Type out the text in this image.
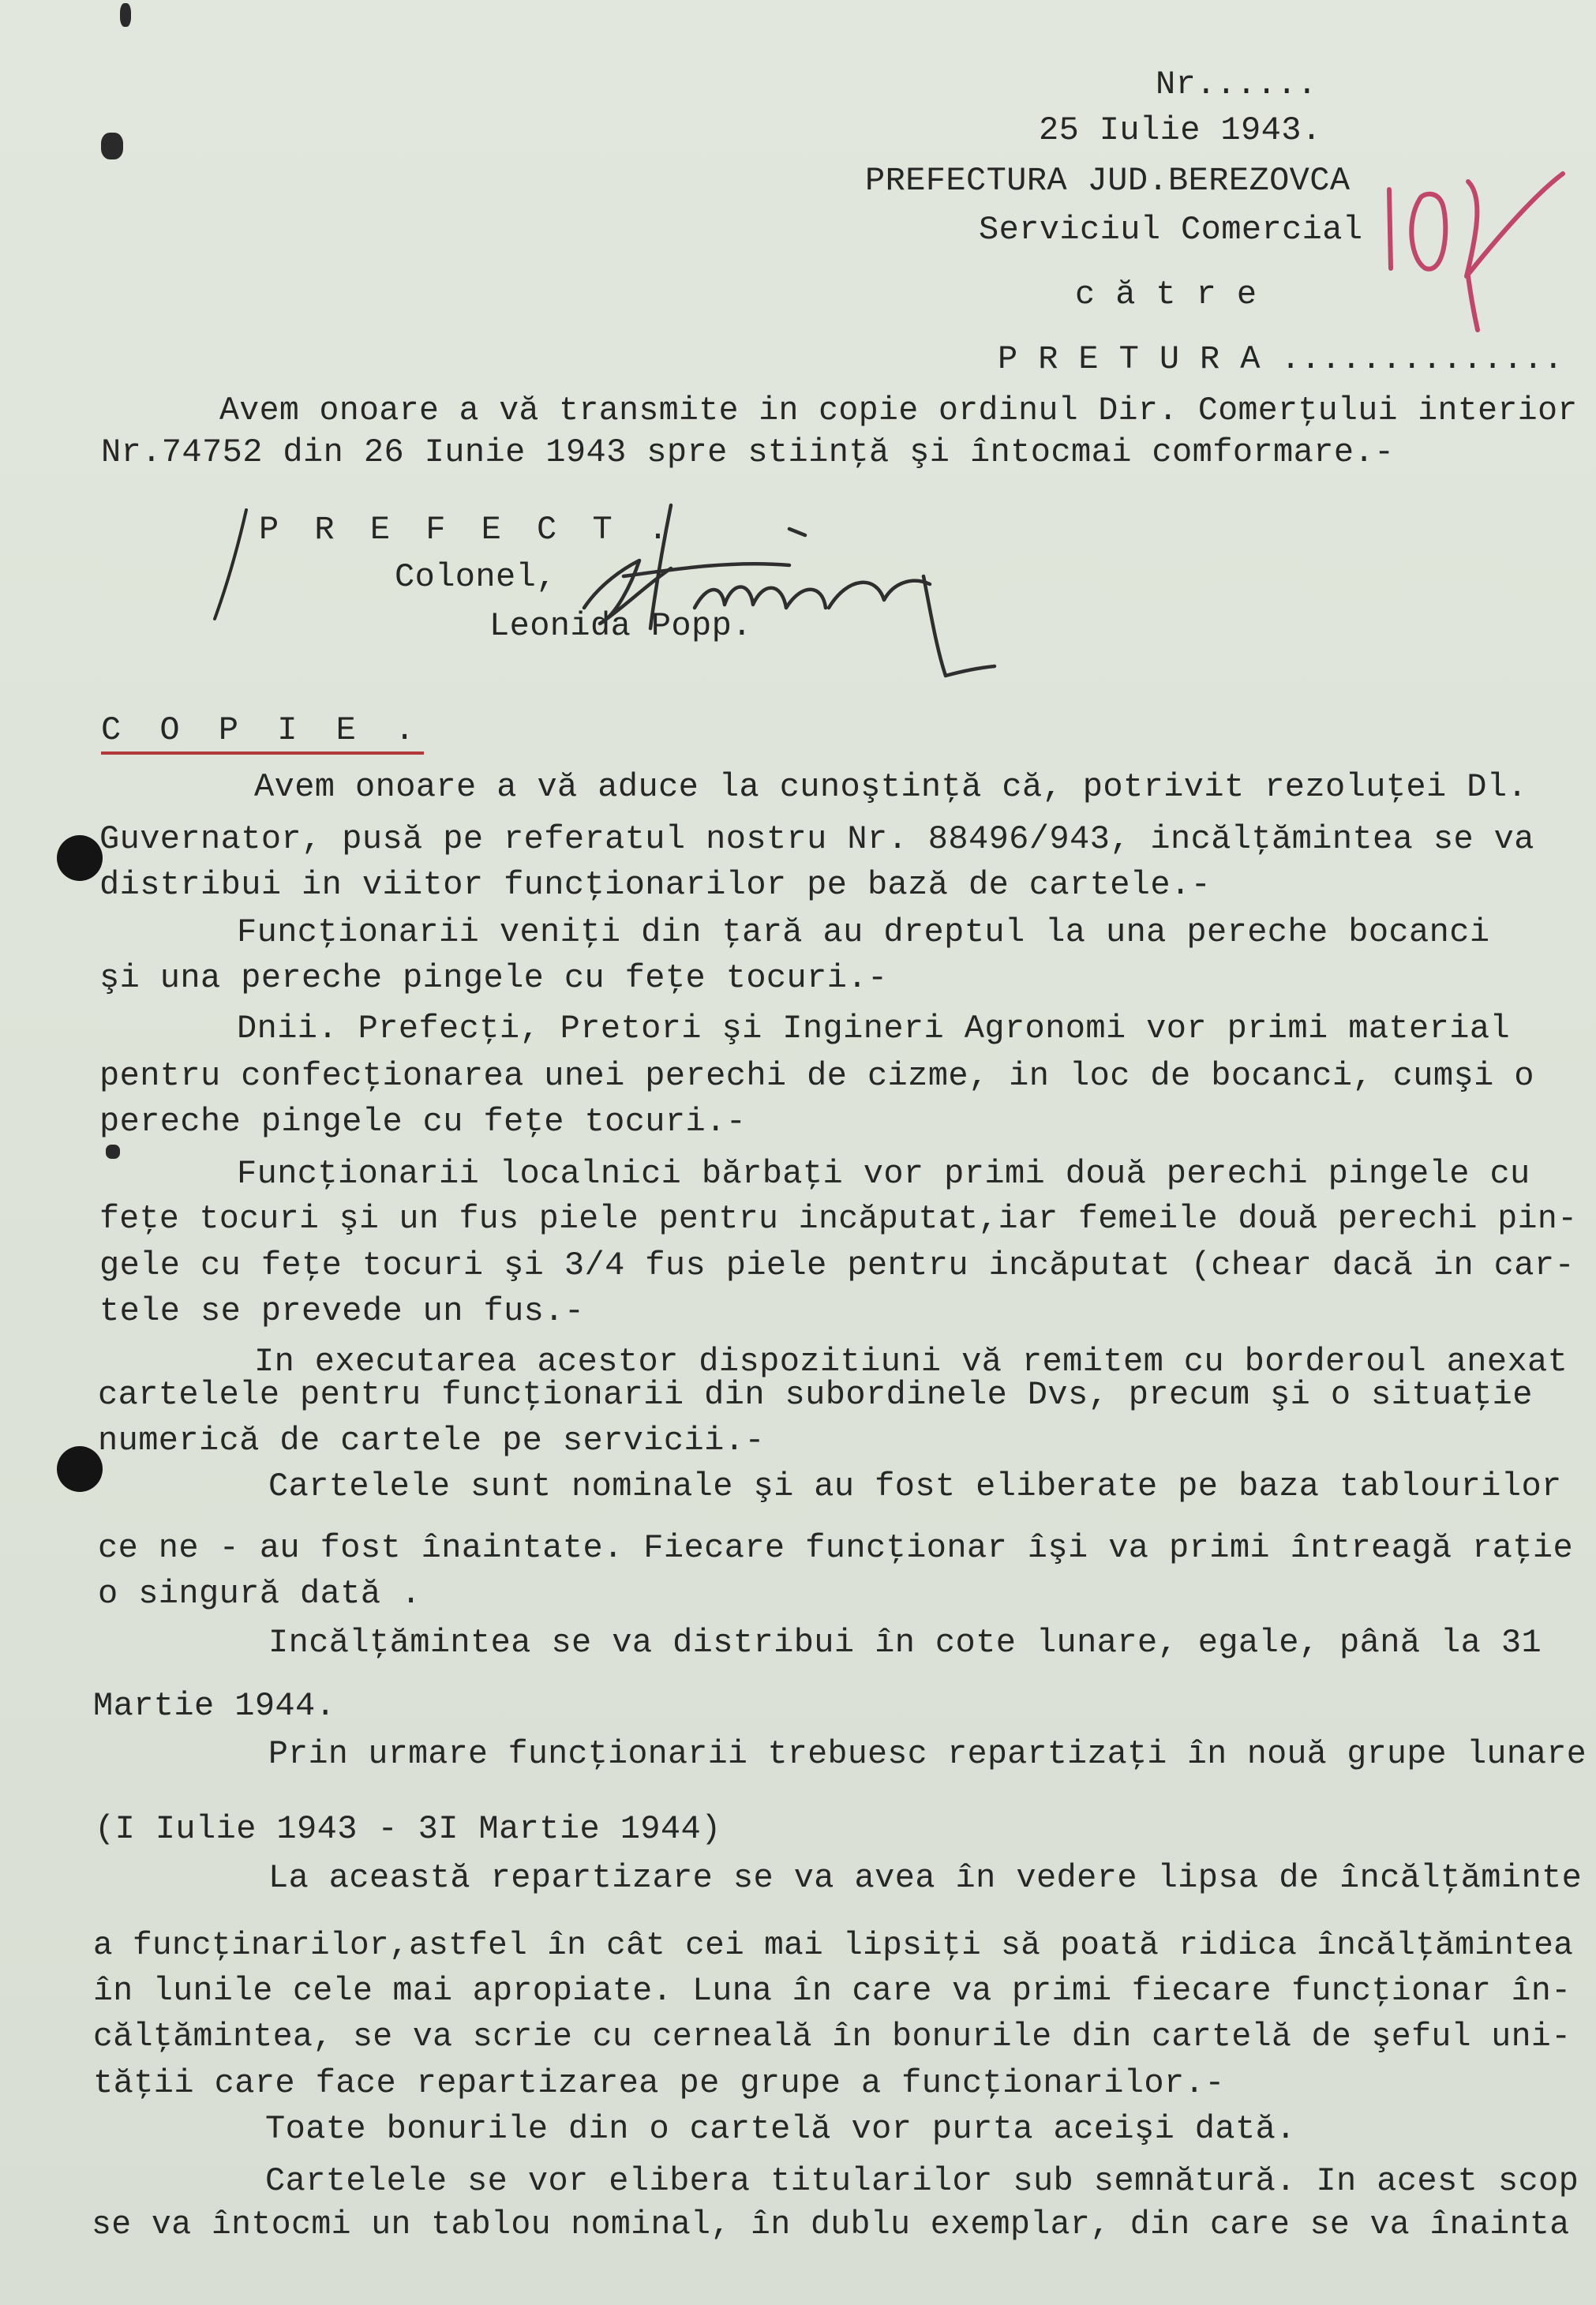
Nr......
25 Iulie 1943.
PREFECTURA JUD.BEREZOVCA
Serviciul Comercial
c ă t r e
P R E T U R A ..............
Avem onoare a vă transmite in copie ordinul Dir. Comerţului interior
Nr.74752 din 26 Iunie 1943 spre stiinţă şi întocmai comformare.-
P R E F E C T .
Colonel,
Leonida Popp.
C O P I E .
Avem onoare a vă aduce la cunoştinţă că, potrivit rezoluţei Dl.
Guvernator, pusă pe referatul nostru Nr. 88496/943, incălţămintea se va
distribui in viitor funcţionarilor pe bază de cartele.-
Funcţionarii veniţi din ţară au dreptul la una pereche bocanci
şi una pereche pingele cu feţe tocuri.-
Dnii. Prefecţi, Pretori şi Ingineri Agronomi vor primi material
pentru confecţionarea unei perechi de cizme, in loc de bocanci, cumşi o
pereche pingele cu feţe tocuri.-
Funcţionarii localnici bărbaţi vor primi două perechi pingele cu
feţe tocuri şi un fus piele pentru incăputat,iar femeile două perechi pin-
gele cu feţe tocuri şi 3/4 fus piele pentru incăputat (chear dacă in car-
tele se prevede un fus.-
In executarea acestor dispozitiuni vă remitem cu borderoul anexat
cartelele pentru funcţionarii din subordinele Dvs, precum şi o situaţie
numerică de cartele pe servicii.-
Cartelele sunt nominale şi au fost eliberate pe baza tablourilor
ce ne - au fost înaintate. Fiecare funcţionar îşi va primi întreagă raţie
o singură dată .
Incălţămintea se va distribui în cote lunare, egale, până la 31
Martie 1944.
Prin urmare funcţionarii trebuesc repartizaţi în nouă grupe lunare
(I Iulie 1943 - 3I Martie 1944)
La această repartizare se va avea în vedere lipsa de încălţăminte
a funcţinarilor,astfel în cât cei mai lipsiţi să poată ridica încălţămintea
în lunile cele mai apropiate. Luna în care va primi fiecare funcţionar în-
călţămintea, se va scrie cu cerneală în bonurile din cartelă de şeful uni-
tăţii care face repartizarea pe grupe a funcţionarilor.-
Toate bonurile din o cartelă vor purta aceişi dată.
Cartelele se vor elibera titularilor sub semnătură. In acest scop
se va întocmi un tablou nominal, în dublu exemplar, din care se va înainta
